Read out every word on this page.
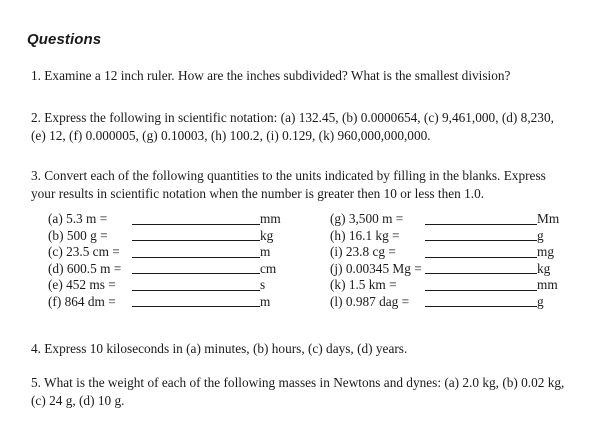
Questions
1. Examine a 12 inch ruler. How are the inches subdivided? What is the smallest division?
2. Express the following in scientific notation: (a) 132.45, (b) 0.0000654, (c) 9,461,000, (d) 8,230,
(e) 12, (f) 0.000005, (g) 0.10003, (h) 100.2, (i) 0.129, (k) 960,000,000,000.
3. Convert each of the following quantities to the units indicated by filling in the blanks. Express
your results in scientific notation when the number is greater then 10 or less then 1.0.
(a) 5.3 m =	mm
(b) 500 g =	kg
(c) 23.5 cm =	m
(d) 600.5 m =	cm
(e) 452 ms =	s
(f) 864 dm =	m
(g) 3,500 m =	Mm
(h) 16.1 kg =	g
(i) 23.8 cg =	mg
(j) 0.00345 Mg =	kg
(k) 1.5 km =	mm
(l) 0.987 dag =	g
4. Express 10 kiloseconds in (a) minutes, (b) hours, (c) days, (d) years.
5. What is the weight of each of the following masses in Newtons and dynes: (a) 2.0 kg, (b) 0.02 kg,
(c) 24 g, (d) 10 g.
